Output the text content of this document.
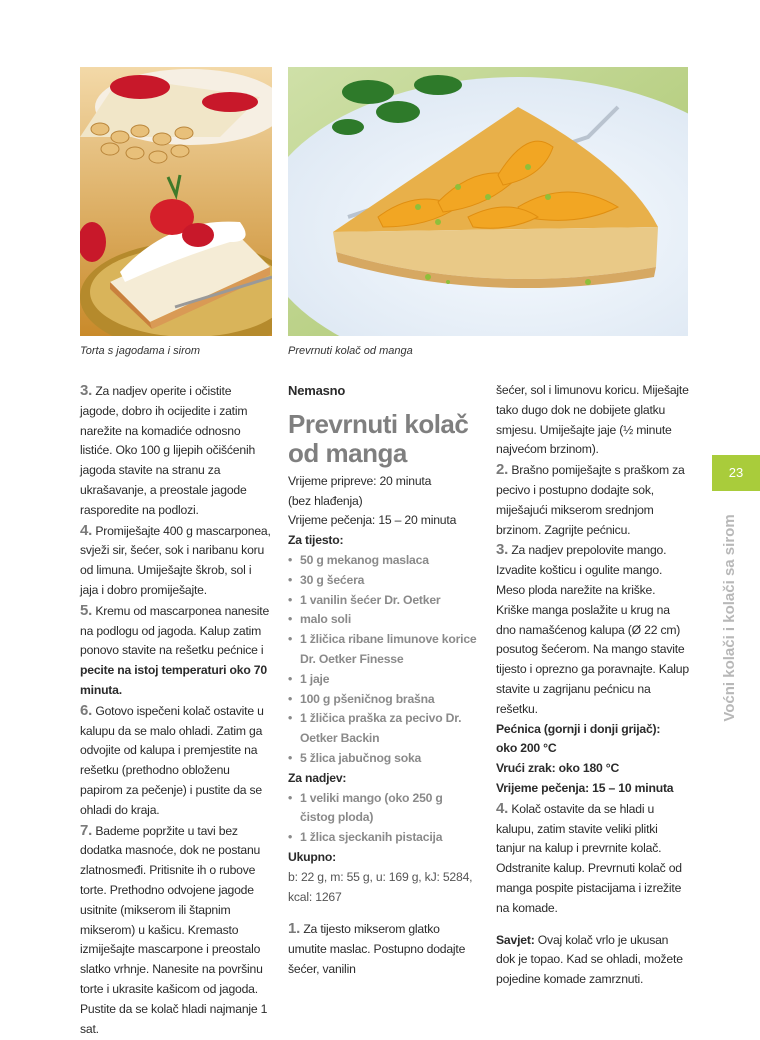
Torta s jagodama i sirom	Prevrnuti kolač od manga

3. Za nadjev operite i očistite jagode, dobro ih ocijedite i zatim narežite na komadiće odnosno listiće. Oko 100 g lijepih očišćenih jagoda stavite na stranu za ukrašavanje, a preostale jagode rasporedite na podlozi.

4. Promiješajte 400 g mascarponea, svježi sir, šećer, sok i naribanu koru od limuna. Umiješajte škrob, sol i jaja i dobro promiješajte.

5. Kremu od mascarponea nanesite na podlogu od jagoda. Kalup zatim ponovo stavite na rešetku pećnice i pecite na istoj temperaturi oko 70 minuta.

6. Gotovo ispečeni kolač ostavite u kalupu da se malo ohladi. Zatim ga odvojite od kalupa i premjestite na rešetku (prethodno obloženu papirom za pečenje) i pustite da se ohladi do kraja.

7. Bademe popržite u tavi bez dodatka masnoće, dok ne postanu zlatnosmeđi. Pritisnite ih o rubove torte. Prethodno odvojene jagode usitnite (mikserom ili štapnim mikserom) u kašicu. Kremasto izmiješajte mascarpone i preostalo slatko vrhnje. Nanesite na površinu torte i ukrasite kašicom od jagoda. Pustite da se kolač hladi najmanje 1 sat.

Nemasno

Prevrnuti kolač od manga

Vrijeme pripreve: 20 minuta

(bez hlađenja)

Vrijeme pečenja: 15 – 20 minuta

Za tijesto:

• 50 g mekanog maslaca

• 30 g šećera

• 1 vanilin šećer Dr. Oetker

• malo soli

• 1 žličica ribane limunove korice Dr. Oetker Finesse

• 1 jaje

• 100 g pšeničnog brašna

• 1 žličica praška za pecivo Dr. Oetker Backin

• 5 žlica jabučnog soka

Za nadjev:

• 1 veliki mango (oko 250 g čistog ploda)

• 1 žlica sjeckanih pistacija

Ukupno:

b: 22 g, m: 55 g, u: 169 g, kJ: 5284, kcal: 1267

1. Za tijesto mikserom glatko umutite maslac. Postupno dodajte šećer, vanilin

šećer, sol i limunovu koricu. Miješajte tako dugo dok ne dobijete glatku smjesu. Umiješajte jaje (½ minute najvećom brzinom).

2. Brašno pomiješajte s praškom za pecivo i postupno dodajte sok, miješajući mikserom srednjom brzinom. Zagrijte pećnicu.

3. Za nadjev prepolovite mango. Izvadite košticu i ogulite mango. Meso ploda narežite na kriške. Kriške manga poslažite u krug na dno namašćenog kalupa (Ø 22 cm) posutog šećerom. Na mango stavite tijesto i oprezno ga poravnajte. Kalup stavite u zagrijanu pećnicu na rešetku.

Pećnica (gornji i donji grijač):

oko 200 °C

Vrući zrak: oko 180 °C

Vrijeme pečenja: 15 – 10 minuta

4. Kolač ostavite da se hladi u kalupu, zatim stavite veliki plitki tanjur na kalup i prevrnite kolač. Odstranite kalup. Prevrnuti kolač od manga pospite pistacijama i izrežite na komade.

Savjet: Ovaj kolač vrlo je ukusan dok je topao. Kad se ohladi, možete pojedine komade zamrznuti.

23
Voćni kolači i kolači sa sirom
